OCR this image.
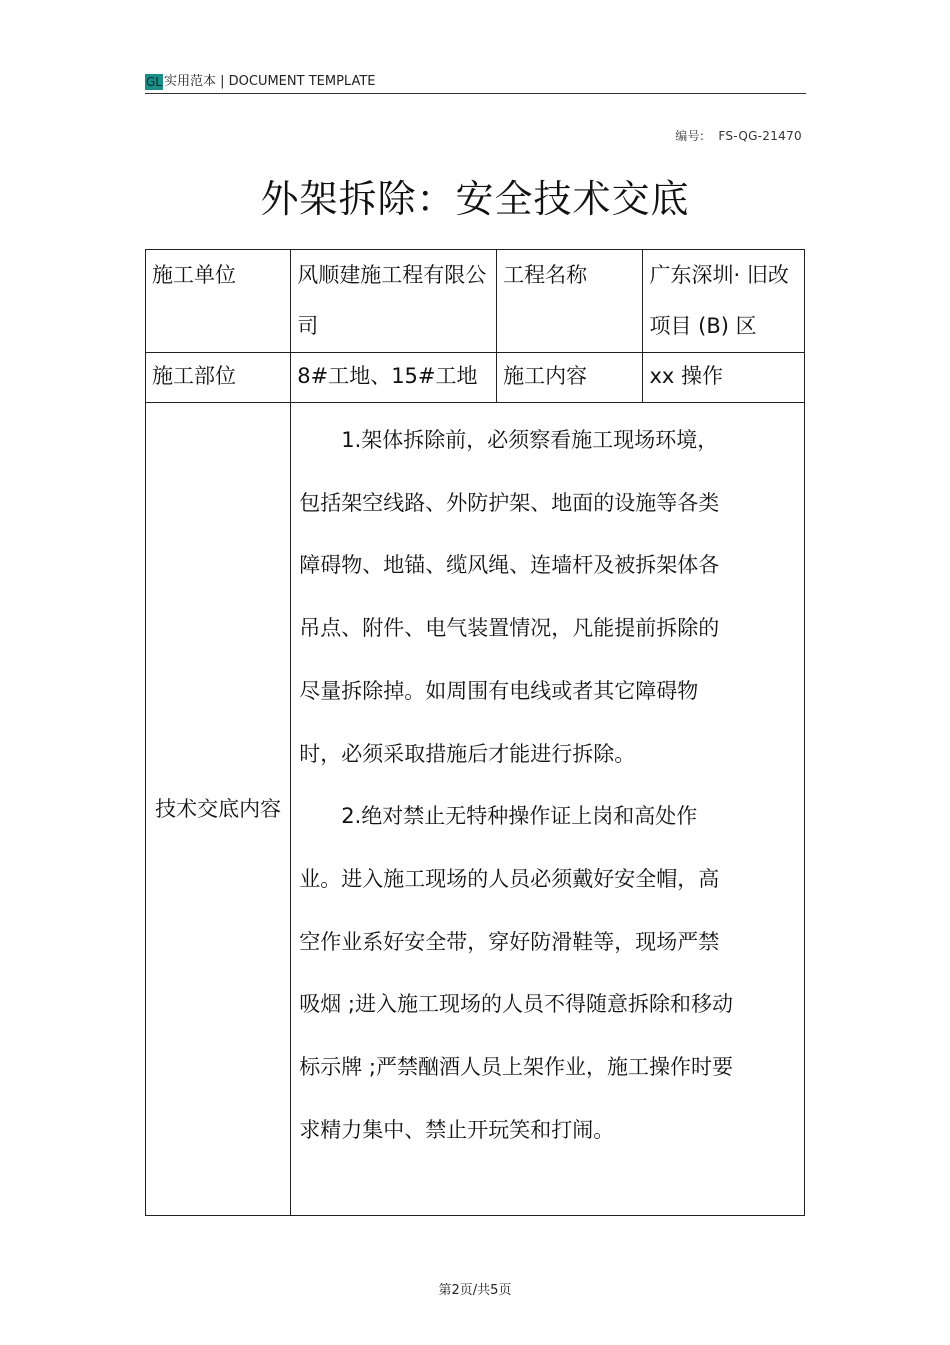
GL 实用范本 | DOCUMENT TEMPLATE
编号: FS-QG-21470
外架拆除：安全技术交底
施工单位	风顺建施工程有限公司	工程名称	广东深圳· 旧改项目 (B) 区
施工部位	8#工地、15#工地	施工内容	xx 操作
技术交底内容	1.架体拆除前，必须察看施工现场环境，包括架空线路、外防护架、地面的设施等各类障碍物、地锚、缆风绳、连墙杆及被拆架体各吊点、附件、电气装置情况，凡能提前拆除的尽量拆除掉。如周围有电线或者其它障碍物时，必须采取措施后才能进行拆除。

2.绝对禁止无特种操作证上岗和高处作业。进入施工现场的人员必须戴好安全帽，高空作业系好安全带，穿好防滑鞋等，现场严禁吸烟 ;进入施工现场的人员不得随意拆除和移动标示牌 ;严禁酗酒人员上架作业，施工操作时要求精力集中、禁止开玩笑和打闹。		

第2页/共5页
